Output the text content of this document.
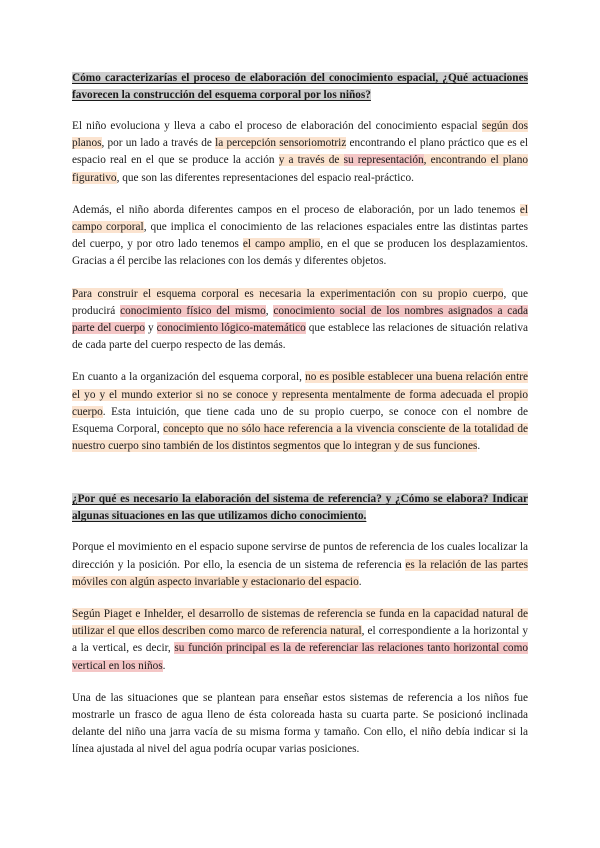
Cómo caracterizarías el proceso de elaboración del conocimiento espacial, ¿Qué actuaciones favorecen la construcción del esquema corporal por los niños?

El niño evoluciona y lleva a cabo el proceso de elaboración del conocimiento espacial según dos planos, por un lado a través de la percepción sensoriomotriz encontrando el plano práctico que es el espacio real en el que se produce la acción y a través de su representación, encontrando el plano figurativo, que son las diferentes representaciones del espacio real-práctico.

Además, el niño aborda diferentes campos en el proceso de elaboración, por un lado tenemos el campo corporal, que implica el conocimiento de las relaciones espaciales entre las distintas partes del cuerpo, y por otro lado tenemos el campo amplio, en el que se producen los desplazamientos. Gracias a él percibe las relaciones con los demás y diferentes objetos.

Para construir el esquema corporal es necesaria la experimentación con su propio cuerpo, que producirá conocimiento físico del mismo, conocimiento social de los nombres asignados a cada parte del cuerpo y conocimiento lógico-matemático que establece las relaciones de situación relativa de cada parte del cuerpo respecto de las demás.

En cuanto a la organización del esquema corporal, no es posible establecer una buena relación entre el yo y el mundo exterior si no se conoce y representa mentalmente de forma adecuada el propio cuerpo. Esta intuición, que tiene cada uno de su propio cuerpo, se conoce con el nombre de Esquema Corporal, concepto que no sólo hace referencia a la vivencia consciente de la totalidad de nuestro cuerpo sino también de los distintos segmentos que lo integran y de sus funciones.

¿Por qué es necesario la elaboración del sistema de referencia? y ¿Cómo se elabora? Indicar algunas situaciones en las que utilizamos dicho conocimiento.

Porque el movimiento en el espacio supone servirse de puntos de referencia de los cuales localizar la dirección y la posición. Por ello, la esencia de un sistema de referencia es la relación de las partes móviles con algún aspecto invariable y estacionario del espacio.

Según Piaget e Inhelder, el desarrollo de sistemas de referencia se funda en la capacidad natural de utilizar el que ellos describen como marco de referencia natural, el correspondiente a la horizontal y a la vertical, es decir, su función principal es la de referenciar las relaciones tanto horizontal como vertical en los niños.

Una de las situaciones que se plantean para enseñar estos sistemas de referencia a los niños fue mostrarle un frasco de agua lleno de ésta coloreada hasta su cuarta parte. Se posicionó inclinada delante del niño una jarra vacía de su misma forma y tamaño. Con ello, el niño debía indicar si la línea ajustada al nivel del agua podría ocupar varias posiciones.
